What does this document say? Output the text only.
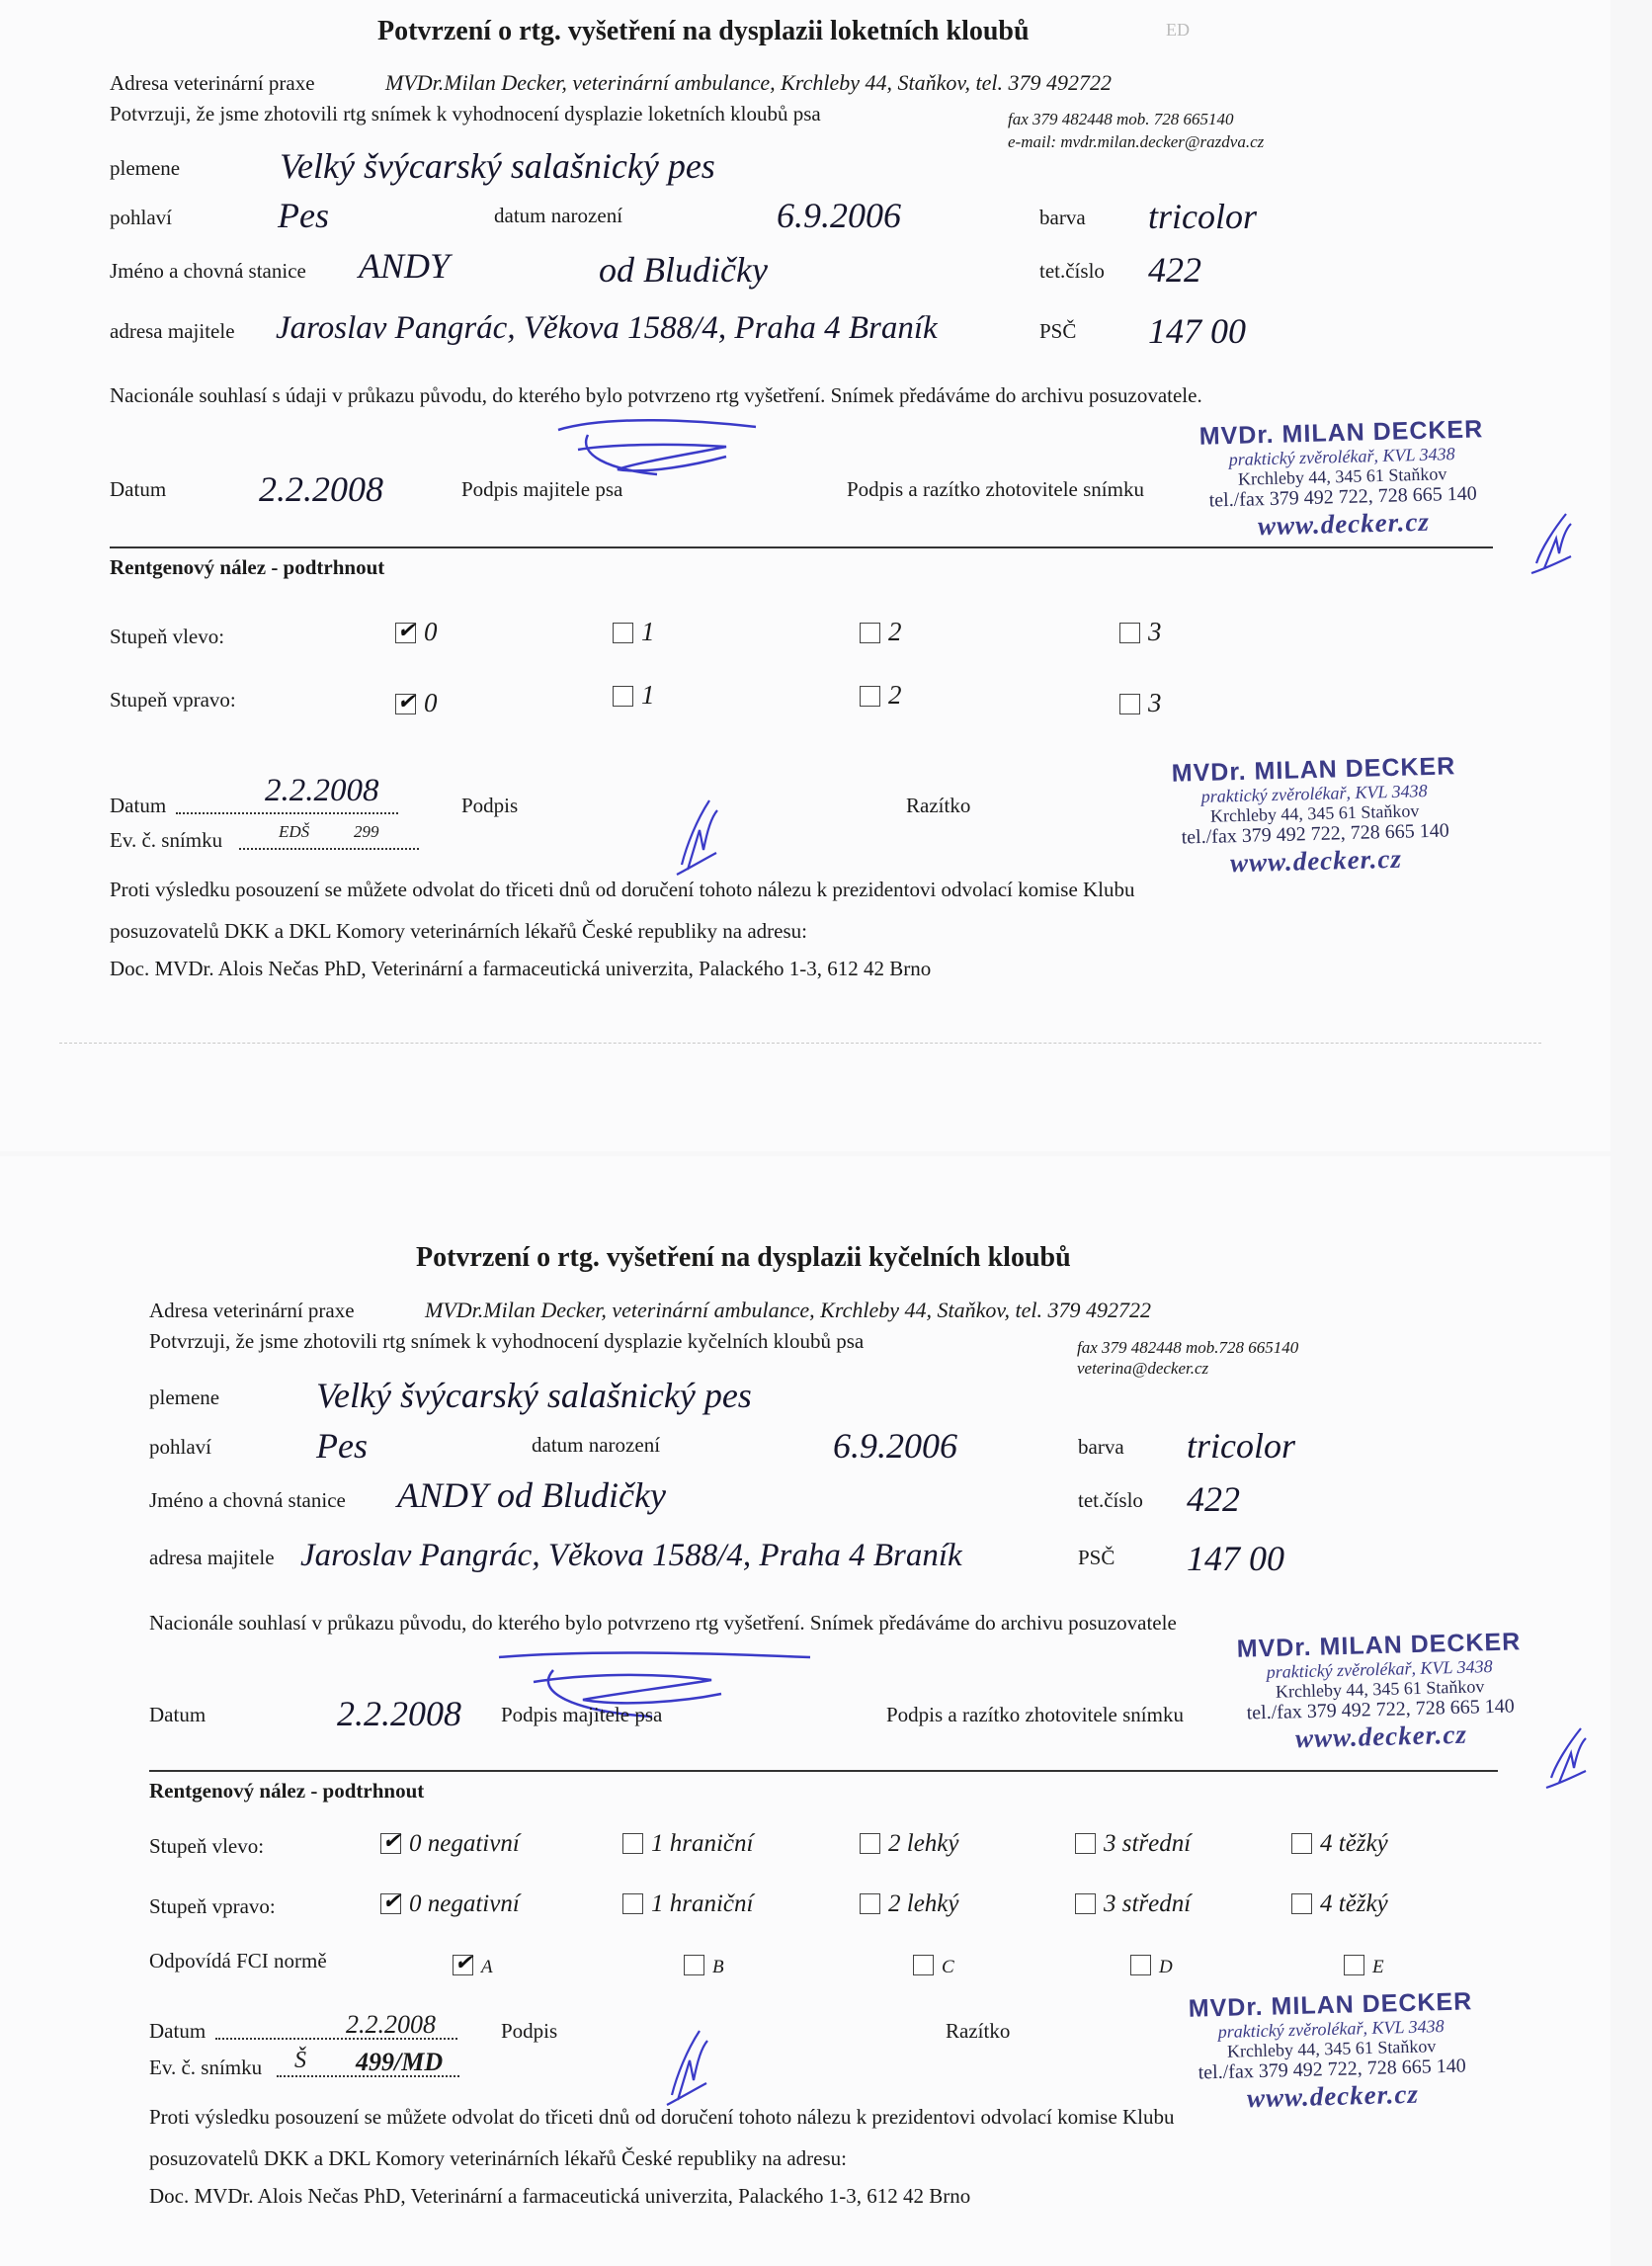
Potvrzení o rtg. vyšetření na dysplazii loketních kloubů	ED
Adresa veterinární praxe	MVDr.Milan Decker, veterinární ambulance, Krchleby 44, Staňkov, tel. 379 492722
Potvrzuji, že jsme zhotovili rtg snímek k vyhodnocení dysplazie loketních kloubů psa	fax 379 482448 mob. 728 665140
e-mail: mvdr.milan.decker@razdva.cz
plemene	Velký švýcarský salašnický pes
pohlaví	Pes	datum narození	6.9.2006	barva tricolor
Jméno a chovná stanice ANDY	od Bludičky	tet.číslo 422
adresa majitele Jaroslav Pangrác, Věkova 1588/4, Praha 4 Braník	PSČ 147 00
Nacionále souhlasí s údaji v průkazu původu, do kterého bylo potvrzeno rtg vyšetření. Snímek předáváme do archivu posuzovatele.
Datum	2.2.2008	Podpis majitele psa	Podpis a razítko zhotovitele snímku
MVDr. MILAN DECKER
praktický zvěrolékař, KVL 3438
Krchleby 44, 345 61 Staňkov
tel./fax 379 492 722, 728 665 140
www.decker.cz
Rentgenový nález - podtrhnout
Stupeň vlevo: ✔	0	1	2	3
Stupeň vpravo: ✔	0	1	2	3
Datum	2.2.2008	Podpis	Razítko
Ev. č. snímku	EDŠ	299
MVDr. MILAN DECKER
praktický zvěrolékař, KVL 3438
Krchleby 44, 345 61 Staňkov
tel./fax 379 492 722, 728 665 140
www.decker.cz
Proti výsledku posouzení se můžete odvolat do třiceti dnů od doručení tohoto nálezu k prezidentovi odvolací komise Klubu
posuzovatelů DKK a DKL Komory veterinárních lékařů České republiky na adresu:
Doc. MVDr. Alois Nečas PhD, Veterinární a farmaceutická univerzita, Palackého 1-3, 612 42 Brno
Potvrzení o rtg. vyšetření na dysplazii kyčelních kloubů
Adresa veterinární praxe	MVDr.Milan Decker, veterinární ambulance, Krchleby 44, Staňkov, tel. 379 492722
Potvrzuji, že jsme zhotovili rtg snímek k vyhodnocení dysplazie kyčelních kloubů psa	fax 379 482448 mob.728 665140
veterina@decker.cz
plemene	Velký švýcarský salašnický pes
pohlaví	Pes	datum narození	6.9.2006	barva tricolor
Jméno a chovná stanice ANDY od Bludičky	tet.číslo 422
adresa majitele Jaroslav Pangrác, Věkova 1588/4, Praha 4 Braník	PSČ 147 00
Nacionále souhlasí v průkazu původu, do kterého bylo potvrzeno rtg vyšetření. Snímek předáváme do archivu posuzovatele
Datum	2.2.2008 Podpis majitele psa	Podpis a razítko zhotovitele snímku
MVDr. MILAN DECKER
praktický zvěrolékař, KVL 3438
Krchleby 44, 345 61 Staňkov
tel./fax 379 492 722, 728 665 140
www.decker.cz
Rentgenový nález - podtrhnout
Stupeň vlevo: ✔	0 negativní	1 hraniční	2 lehký	3 střední	4 těžký
Stupeň vpravo: ✔	0 negativní	1 hraniční	2 lehký	3 střední	4 těžký
Odpovídá FCI normě ✔	A	B	C	D	E
Datum	2.2.2008	Podpis	Razítko
Ev. č. snímku Š 499/MD
MVDr. MILAN DECKER
praktický zvěrolékař, KVL 3438
Krchleby 44, 345 61 Staňkov
tel./fax 379 492 722, 728 665 140
www.decker.cz
Proti výsledku posouzení se můžete odvolat do třiceti dnů od doručení tohoto nálezu k prezidentovi odvolací komise Klubu
posuzovatelů DKK a DKL Komory veterinárních lékařů České republiky na adresu:
Doc. MVDr. Alois Nečas PhD, Veterinární a farmaceutická univerzita, Palackého 1-3, 612 42 Brno
